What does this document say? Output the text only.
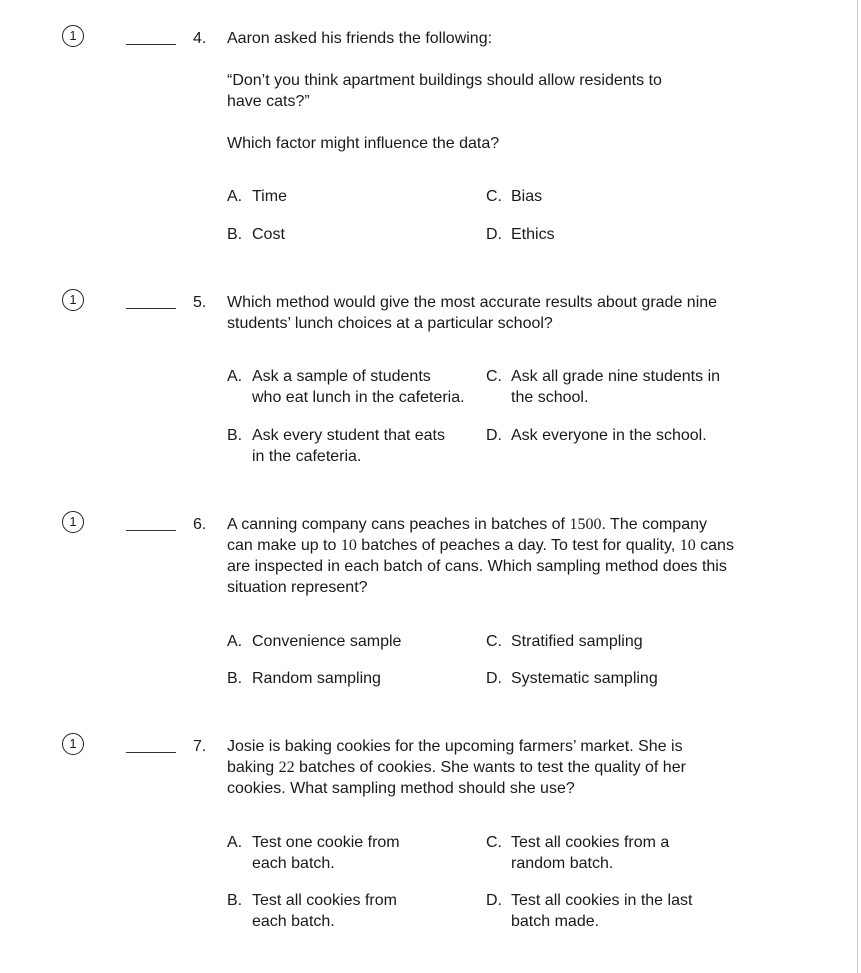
1	4. Aaron asked his friends the following:

“Don’t you think apartment buildings should allow residents to

have cats?”

Which factor might influence the data?

A. Time
B. Cost
C. Bias
D. Ethics
1	5. Which method would give the most accurate results about grade nine

students’ lunch choices at a particular school?

A. Ask a sample of students
who eat lunch in the cafeteria.
B. Ask every student that eats
in the cafeteria.
C. Ask all grade nine students in
the school.
D. Ask everyone in the school.
1	6. A canning company cans peaches in batches of 1500. The company

can make up to 10 batches of peaches a day. To test for quality, 10 cans

are inspected in each batch of cans. Which sampling method does this

situation represent?

A. Convenience sample
B. Random sampling
C. Stratified sampling
D. Systematic sampling
1	7. Josie is baking cookies for the upcoming farmers’ market. She is

baking 22 batches of cookies. She wants to test the quality of her

cookies. What sampling method should she use?

A. Test one cookie from
each batch.
B. Test all cookies from
each batch.
C. Test all cookies from a
random batch.
D. Test all cookies in the last
batch made.
